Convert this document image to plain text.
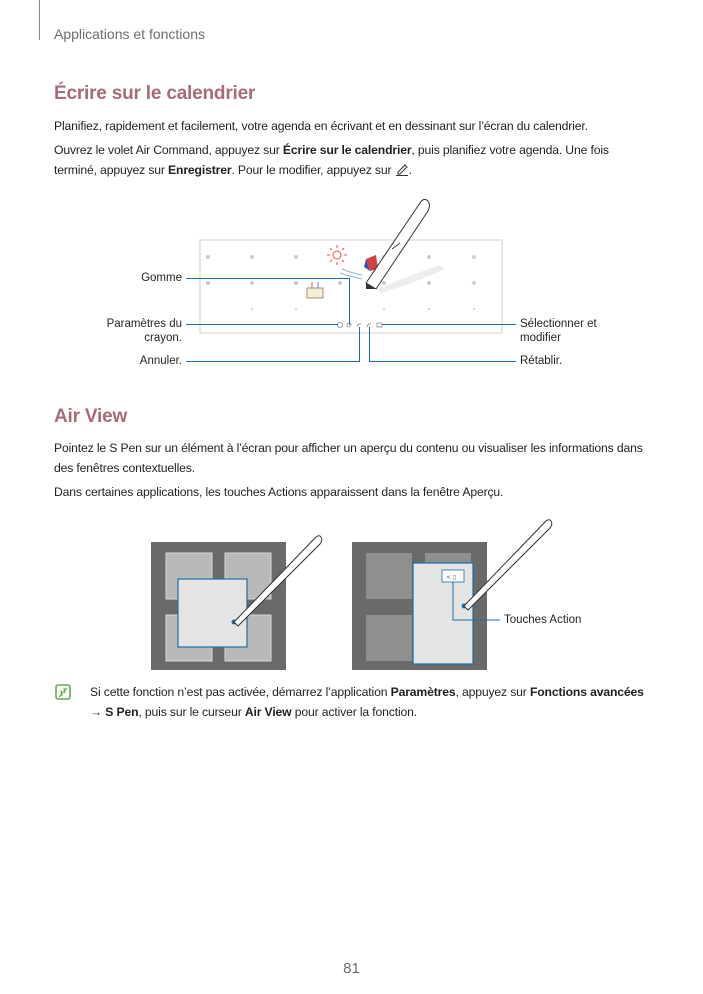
Applications et fonctions
Écrire sur le calendrier

Planifiez, rapidement et facilement, votre agenda en écrivant et en dessinant sur l’écran du calendrier.

Ouvrez le volet Air Command, appuyez sur Écrire sur le calendrier, puis planifiez votre agenda. Une fois terminé, appuyez sur Enregistrer. Pour le modifier, appuyez sur .

Gomme
Paramètres du crayon.
Annuler.
Sélectionner et modifier
Rétablir.
Air View

Pointez le S Pen sur un élément à l’écran pour afficher un aperçu du contenu ou visualiser les informations dans des fenêtres contextuelles.

Dans certaines applications, les touches Actions apparaissent dans la fenêtre Aperçu.

< ▯
Touches Action
Si cette fonction n’est pas activée, démarrez l’application Paramètres, appuyez sur Fonctions avancées → S Pen, puis sur le curseur Air View pour activer la fonction.
81
